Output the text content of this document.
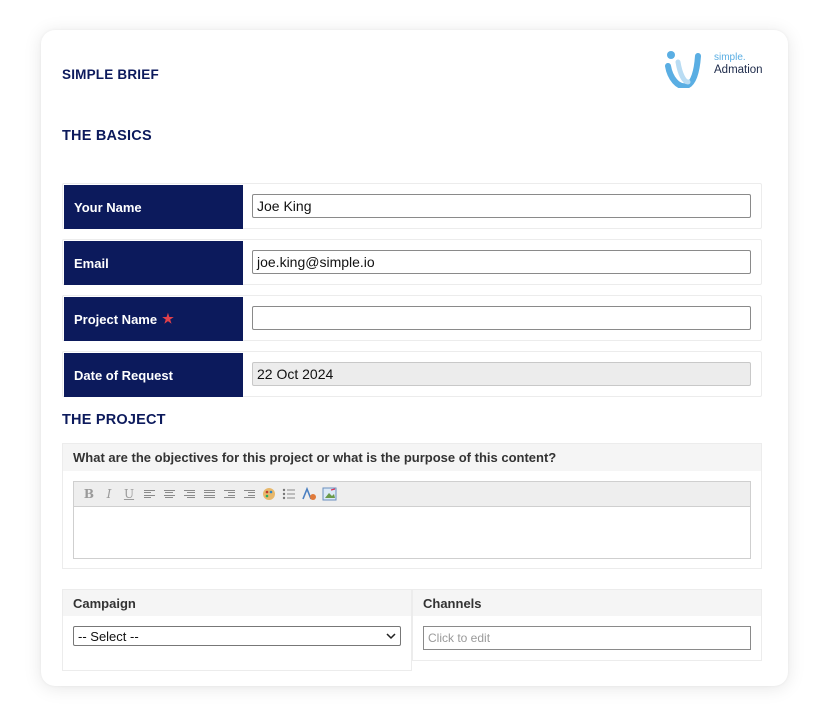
SIMPLE BRIEF
simple.
Admation
THE BASICS
Your Name	Joe King
Email	joe.king@simple.io
Project Name ★
Date of Request	22 Oct 2024
THE PROJECT
What are the objectives for this project or what is the purpose of this content?
B I U
Campaign
-- Select --
Channels
Click to edit
